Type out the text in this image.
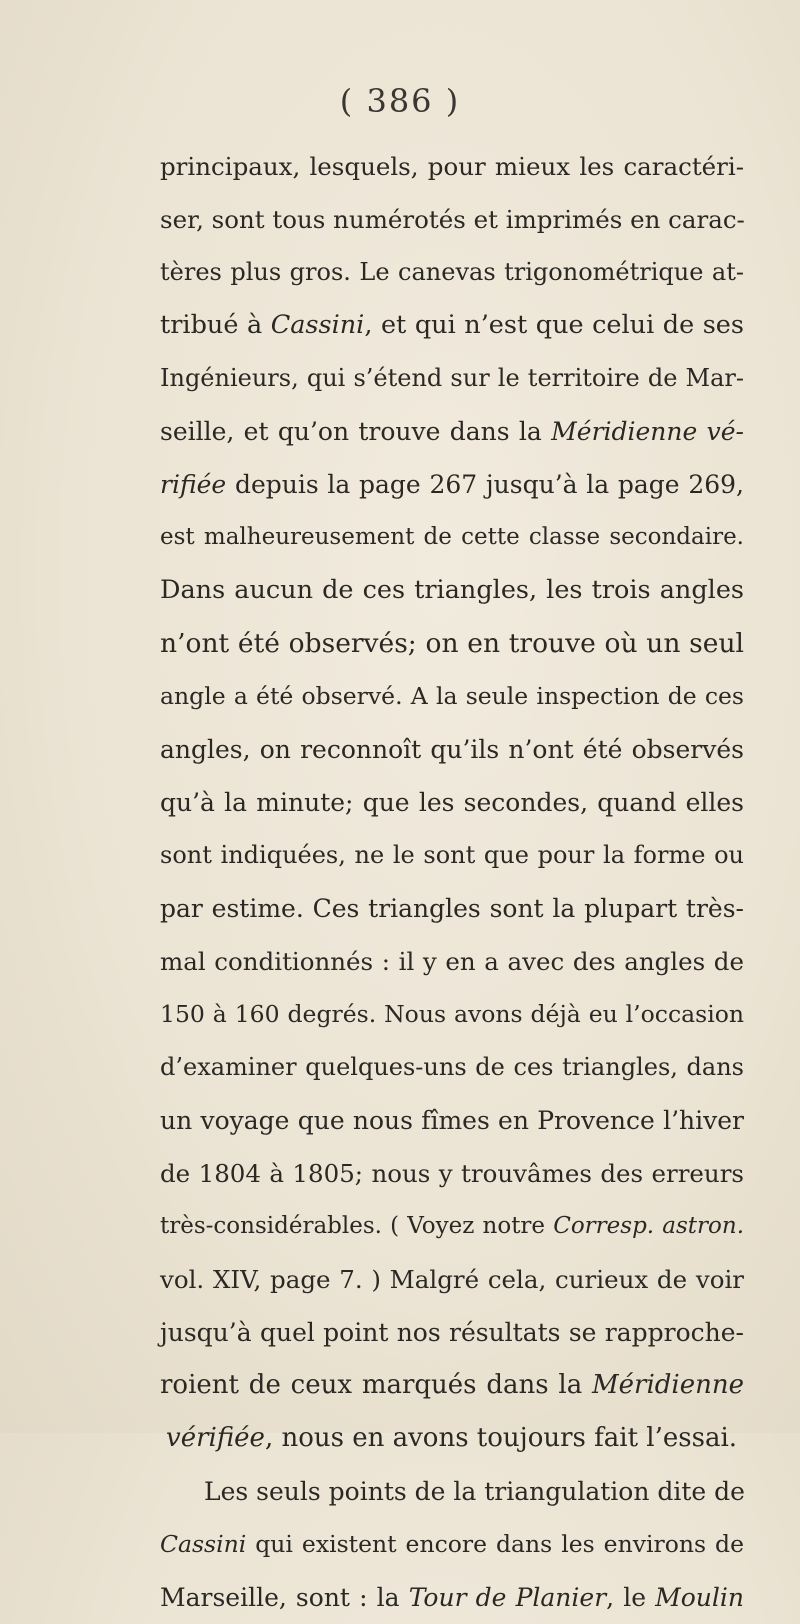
( 386 )
principaux, lesquels, pour mieux les caractéri-
ser, sont tous numérotés et imprimés en carac-
tères plus gros. Le canevas trigonométrique at-
tribué à Cassini, et qui n’est que celui de ses
Ingénieurs, qui s’étend sur le territoire de Mar-
seille, et qu’on trouve dans la Méridienne vé-
rifiée depuis la page 267 jusqu’à la page 269,
est malheureusement de cette classe secondaire.
Dans aucun de ces triangles, les trois angles
n’ont été observés; on en trouve où un seul
angle a été observé. A la seule inspection de ces
angles, on reconnoît qu’ils n’ont été observés
qu’à la minute; que les secondes, quand elles
sont indiquées, ne le sont que pour la forme ou
par estime. Ces triangles sont la plupart très-
mal conditionnés : il y en a avec des angles de
150 à 160 degrés. Nous avons déjà eu l’occasion
d’examiner quelques-uns de ces triangles, dans
un voyage que nous fîmes en Provence l’hiver
de 1804 à 1805; nous y trouvâmes des erreurs
très-considérables. ( Voyez notre Corresp. astron.
vol. XIV, page 7. ) Malgré cela, curieux de voir
jusqu’à quel point nos résultats se rapproche-
roient de ceux marqués dans la Méridienne
vérifiée, nous en avons toujours fait l’essai.
Les seuls points de la triangulation dite de
Cassini qui existent encore dans les environs de
Marseille, sont : la Tour de Planier, le Moulin
